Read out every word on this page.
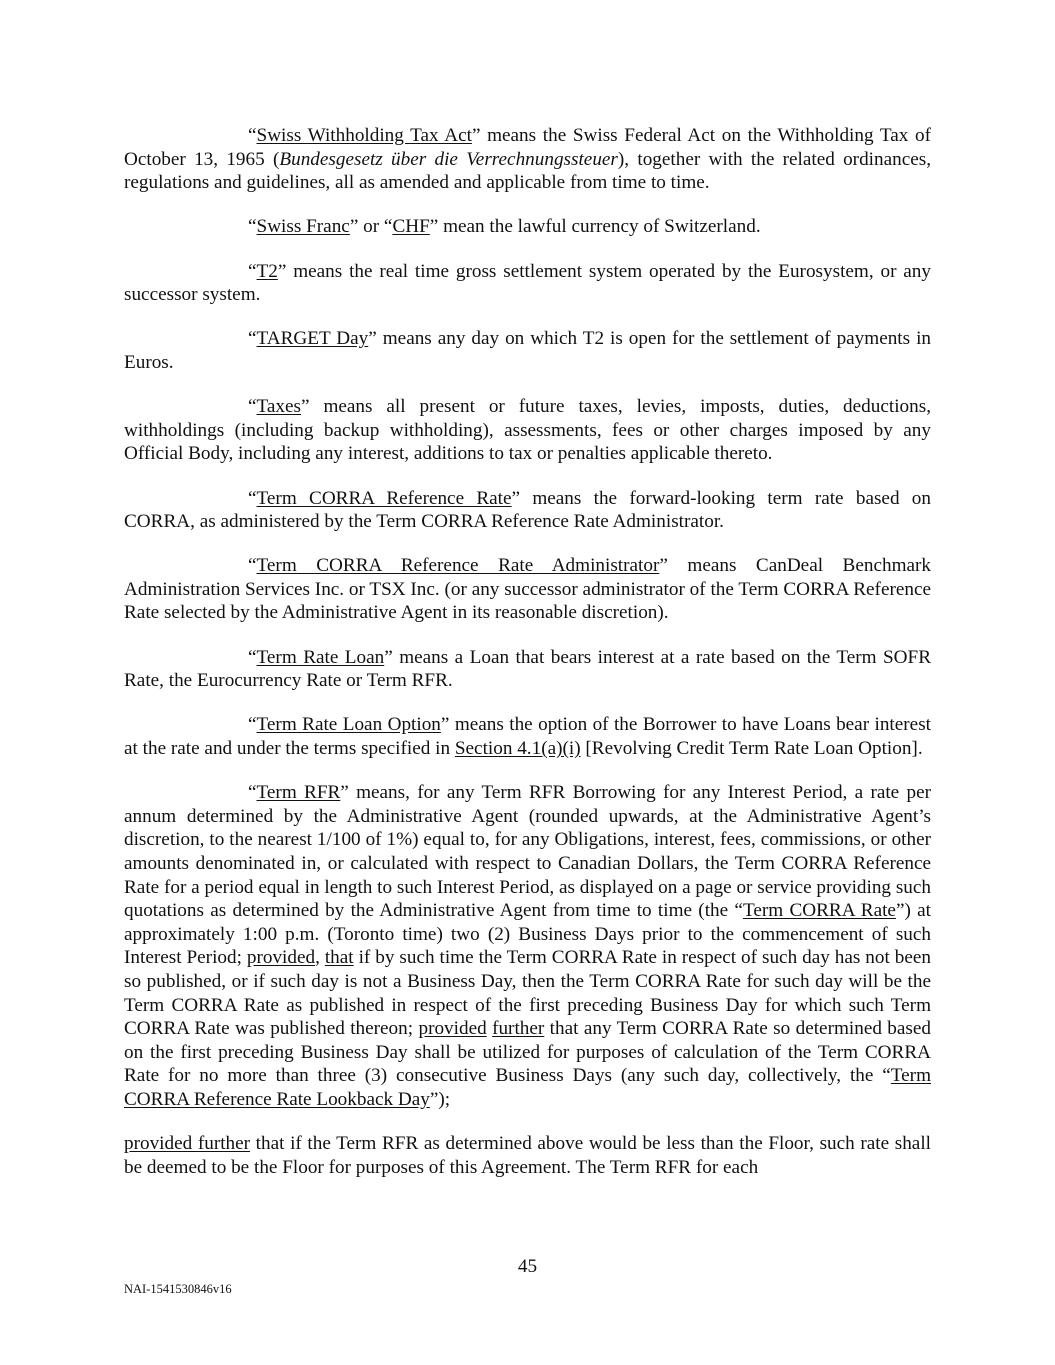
“Swiss Withholding Tax Act” means the Swiss Federal Act on the Withholding Tax of October 13, 1965 (Bundesgesetz über die Verrechnungssteuer), together with the related ordinances, regulations and guidelines, all as amended and applicable from time to time.

“Swiss Franc” or “CHF” mean the lawful currency of Switzerland.

“T2” means the real time gross settlement system operated by the Eurosystem, or any successor system.

“TARGET Day” means any day on which T2 is open for the settlement of payments in Euros.

“Taxes” means all present or future taxes, levies, imposts, duties, deductions, withholdings (including backup withholding), assessments, fees or other charges imposed by any Official Body, including any interest, additions to tax or penalties applicable thereto.

“Term CORRA Reference Rate” means the forward-looking term rate based on CORRA, as administered by the Term CORRA Reference Rate Administrator.

“Term CORRA Reference Rate Administrator” means CanDeal Benchmark Administration Services Inc. or TSX Inc. (or any successor administrator of the Term CORRA Reference Rate selected by the Administrative Agent in its reasonable discretion).

“Term Rate Loan” means a Loan that bears interest at a rate based on the Term SOFR Rate, the Eurocurrency Rate or Term RFR.

“Term Rate Loan Option” means the option of the Borrower to have Loans bear interest at the rate and under the terms specified in Section 4.1(a)(i) [Revolving Credit Term Rate Loan Option].

“Term RFR” means, for any Term RFR Borrowing for any Interest Period, a rate per annum determined by the Administrative Agent (rounded upwards, at the Administrative Agent’s discretion, to the nearest 1/100 of 1%) equal to, for any Obligations, interest, fees, commissions, or other amounts denominated in, or calculated with respect to Canadian Dollars, the Term CORRA Reference Rate for a period equal in length to such Interest Period, as displayed on a page or service providing such quotations as determined by the Administrative Agent from time to time (the “Term CORRA Rate”) at approximately 1:00 p.m. (Toronto time) two (2) Business Days prior to the commencement of such Interest Period; provided, that if by such time the Term CORRA Rate in respect of such day has not been so published, or if such day is not a Business Day, then the Term CORRA Rate for such day will be the Term CORRA Rate as published in respect of the first preceding Business Day for which such Term CORRA Rate was published thereon; provided further that any Term CORRA Rate so determined based on the first preceding Business Day shall be utilized for purposes of calculation of the Term CORRA Rate for no more than three (3) consecutive Business Days (any such day, collectively, the “Term CORRA Reference Rate Lookback Day”);

provided further that if the Term RFR as determined above would be less than the Floor, such rate shall be deemed to be the Floor for purposes of this Agreement. The Term RFR for each

45
NAI-1541530846v16
